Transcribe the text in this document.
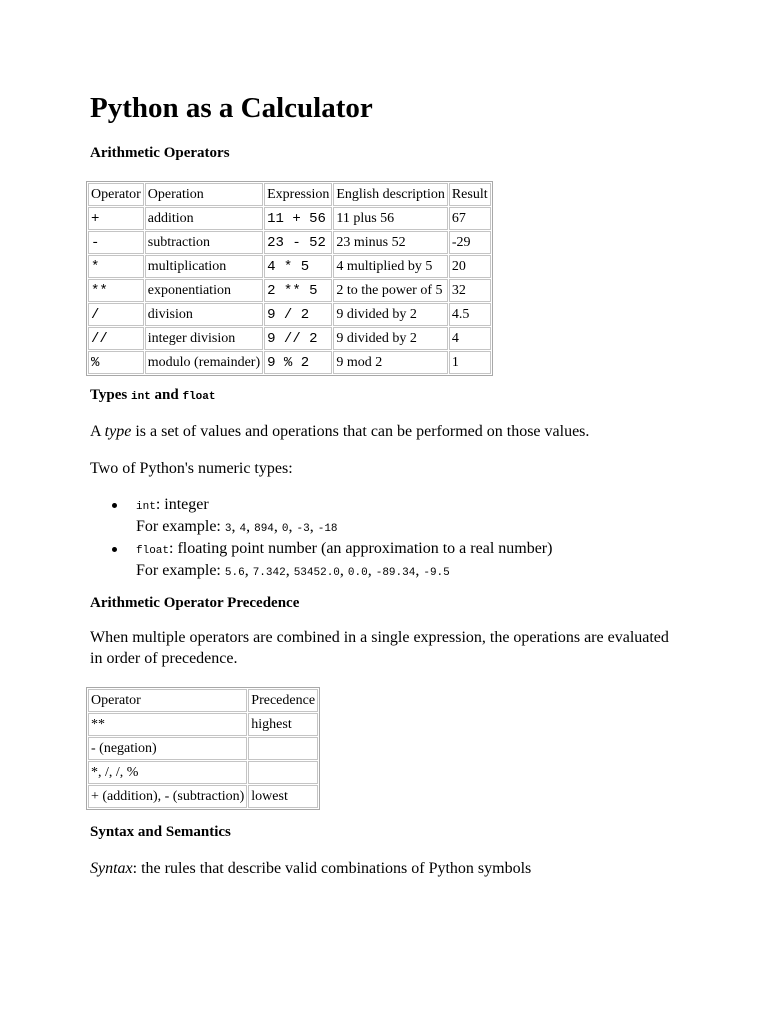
Python as a Calculator
Arithmetic Operators
Operator	Operation	Expression	English description	Result
+	addition	11 + 56	11 plus 56	67
-	subtraction	23 - 52	23 minus 52	-29
*	multiplication	4 * 5	4 multiplied by 5	20
**	exponentiation	2 ** 5	2 to the power of 5	32
/	division	9 / 2	9 divided by 2	4.5
//	integer division	9 // 2	9 divided by 2	4
%	modulo (remainder)	9 % 2	9 mod 2	1
Types int and float

A type is a set of values and operations that can be performed on those values.

Two of Python's numeric types:

int: integer
For example: 3, 4, 894, 0, -3, -18
float: floating point number (an approximation to a real number)
For example: 5.6, 7.342, 53452.0, 0.0, -89.34, -9.5
Arithmetic Operator Precedence

When multiple operators are combined in a single expression, the operations are evaluated in order of precedence.

Operator	Precedence
**	highest
- (negation)	
*, /, /, %	
+ (addition), - (subtraction)	lowest
Syntax and Semantics

Syntax: the rules that describe valid combinations of Python symbols
